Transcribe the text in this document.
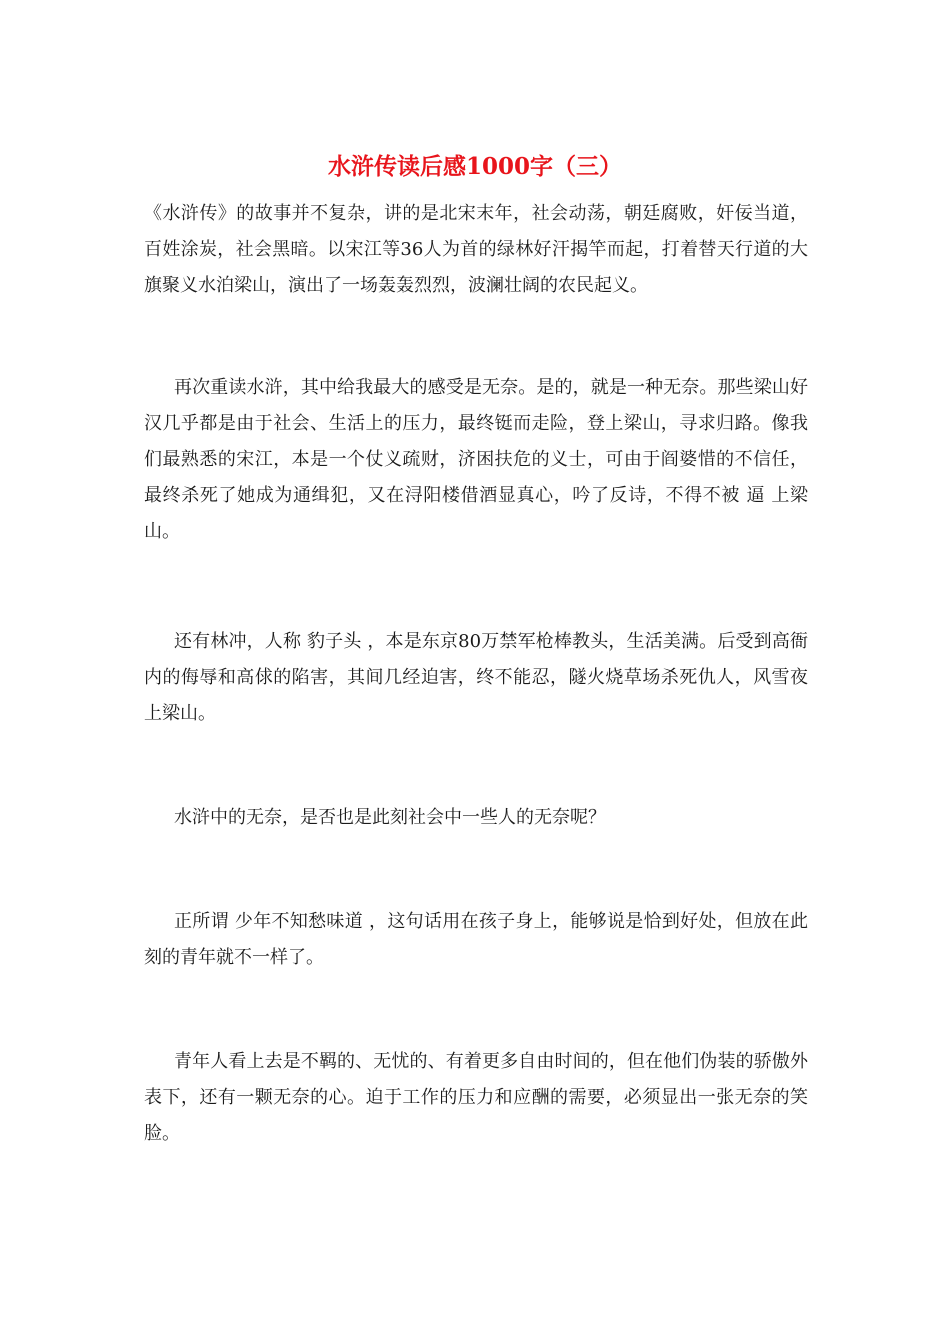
水浒传读后感1000字（三）

《水浒传》的故事并不复杂，讲的是北宋末年，社会动荡，朝廷腐败，奸佞当道，百姓涂炭，社会黑暗。以宋江等36人为首的绿林好汗揭竿而起，打着替天行道的大旗聚义水泊梁山，演出了一场轰轰烈烈，波澜壮阔的农民起义。

再次重读水浒，其中给我最大的感受是无奈。是的，就是一种无奈。那些梁山好汉几乎都是由于社会、生活上的压力，最终铤而走险，登上梁山，寻求归路。像我们最熟悉的宋江，本是一个仗义疏财，济困扶危的义士，可由于阎婆惜的不信任，最终杀死了她成为通缉犯，又在浔阳楼借酒显真心，吟了反诗，不得不被 逼 上梁山。

还有林冲，人称 豹子头 ，本是东京80万禁军枪棒教头，生活美满。后受到高衙内的侮辱和高俅的陷害，其间几经迫害，终不能忍，隧火烧草场杀死仇人，风雪夜上梁山。

水浒中的无奈，是否也是此刻社会中一些人的无奈呢？

正所谓 少年不知愁味道 ，这句话用在孩子身上，能够说是恰到好处，但放在此刻的青年就不一样了。

青年人看上去是不羁的、无忧的、有着更多自由时间的，但在他们伪装的骄傲外表下，还有一颗无奈的心。迫于工作的压力和应酬的需要，必须显出一张无奈的笑脸。
